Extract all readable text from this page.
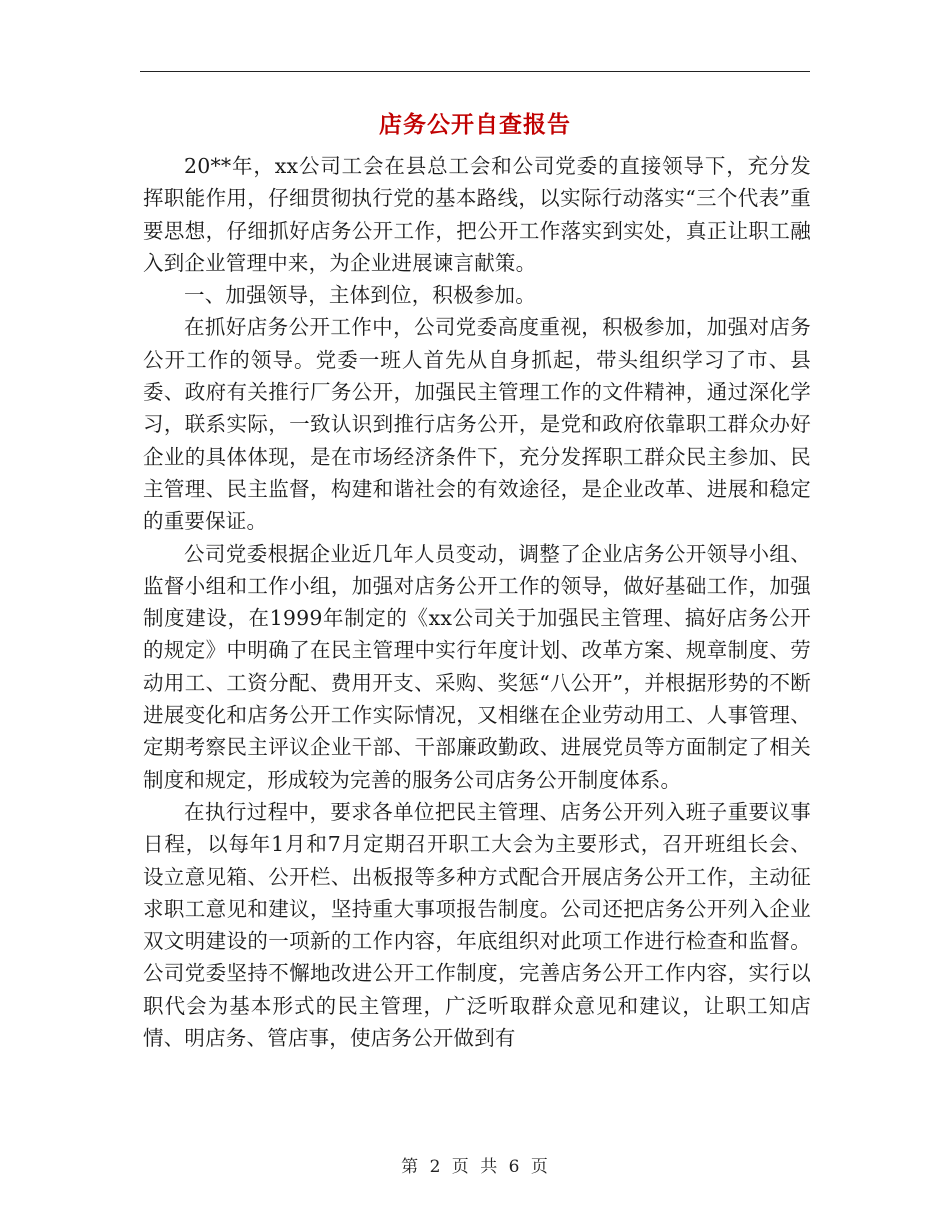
店务公开自查报告

20**年，xx公司工会在县总工会和公司党委的直接领导下，充分发挥职能作用，仔细贯彻执行党的基本路线，以实际行动落实“三个代表”重要思想，仔细抓好店务公开工作，把公开工作落实到实处，真正让职工融入到企业管理中来，为企业进展谏言献策。

一、加强领导，主体到位，积极参加。

在抓好店务公开工作中，公司党委高度重视，积极参加，加强对店务公开工作的领导。党委一班人首先从自身抓起，带头组织学习了市、县委、政府有关推行厂务公开，加强民主管理工作的文件精神，通过深化学习，联系实际，一致认识到推行店务公开，是党和政府依靠职工群众办好企业的具体体现，是在市场经济条件下，充分发挥职工群众民主参加、民主管理、民主监督，构建和谐社会的有效途径，是企业改革、进展和稳定的重要保证。

公司党委根据企业近几年人员变动，调整了企业店务公开领导小组、监督小组和工作小组，加强对店务公开工作的领导，做好基础工作，加强制度建设，在1999年制定的《xx公司关于加强民主管理、搞好店务公开的规定》中明确了在民主管理中实行年度计划、改革方案、规章制度、劳动用工、工资分配、费用开支、采购、奖惩“八公开”，并根据形势的不断进展变化和店务公开工作实际情况，又相继在企业劳动用工、人事管理、定期考察民主评议企业干部、干部廉政勤政、进展党员等方面制定了相关制度和规定，形成较为完善的服务公司店务公开制度体系。

在执行过程中，要求各单位把民主管理、店务公开列入班子重要议事日程，以每年1月和7月定期召开职工大会为主要形式，召开班组长会、设立意见箱、公开栏、出板报等多种方式配合开展店务公开工作，主动征求职工意见和建议，坚持重大事项报告制度。公司还把店务公开列入企业双文明建设的一项新的工作内容，年底组织对此项工作进行检查和监督。公司党委坚持不懈地改进公开工作制度，完善店务公开工作内容，实行以职代会为基本形式的民主管理，广泛听取群众意见和建议，让职工知店情、明店务、管店事，使店务公开做到有

第 2 页 共 6 页
